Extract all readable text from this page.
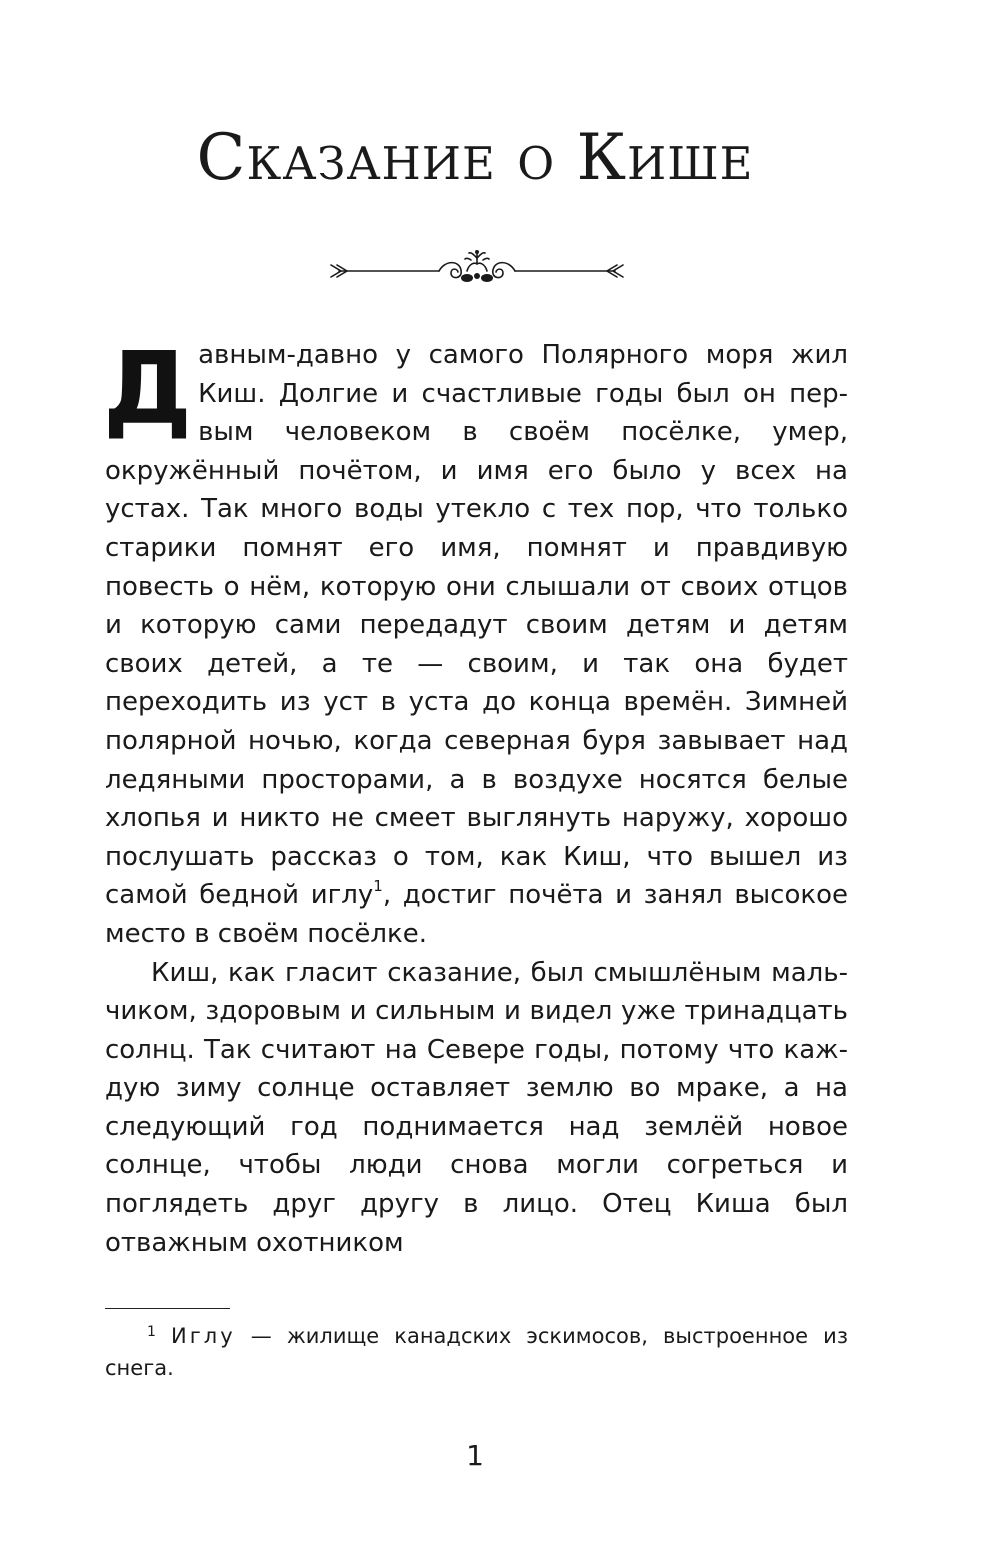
Сказание о Кише

Давным-давно у самого Полярного моря жил Киш. Долгие и счастливые годы был он первым человеком в своём посёлке, умер, окружённый почётом, и имя его было у всех на устах. Так много воды утекло с тех пор, что только старики помнят его имя, помнят и правдивую повесть о нём, которую они слышали от своих отцов и которую сами передадут своим детям и детям своих детей, а те — своим, и так она будет переходить из уст в уста до конца времён. Зимней полярной ночью, когда северная буря завывает над ледяными просторами, а в воздухе носятся белые хлопья и никто не смеет выглянуть наружу, хорошо послушать рассказ о том, как Киш, что вышел из самой бедной иглу$^1$, достиг почёта и занял высокое место в своём посёлке.

Киш, как гласит сказание, был смышлёным мальчиком, здоровым и сильным и видел уже тринадцать солнц. Так считают на Севере годы, потому что каждую зиму солнце оставляет землю во мраке, а на следующий год поднимается над землёй новое солнце, чтобы люди снова могли согреться и поглядеть друг другу в лицо. Отец Киша был отважным охотником

$^1$ Иглу — жилище канадских эскимосов, выстроенное из снега.

1
